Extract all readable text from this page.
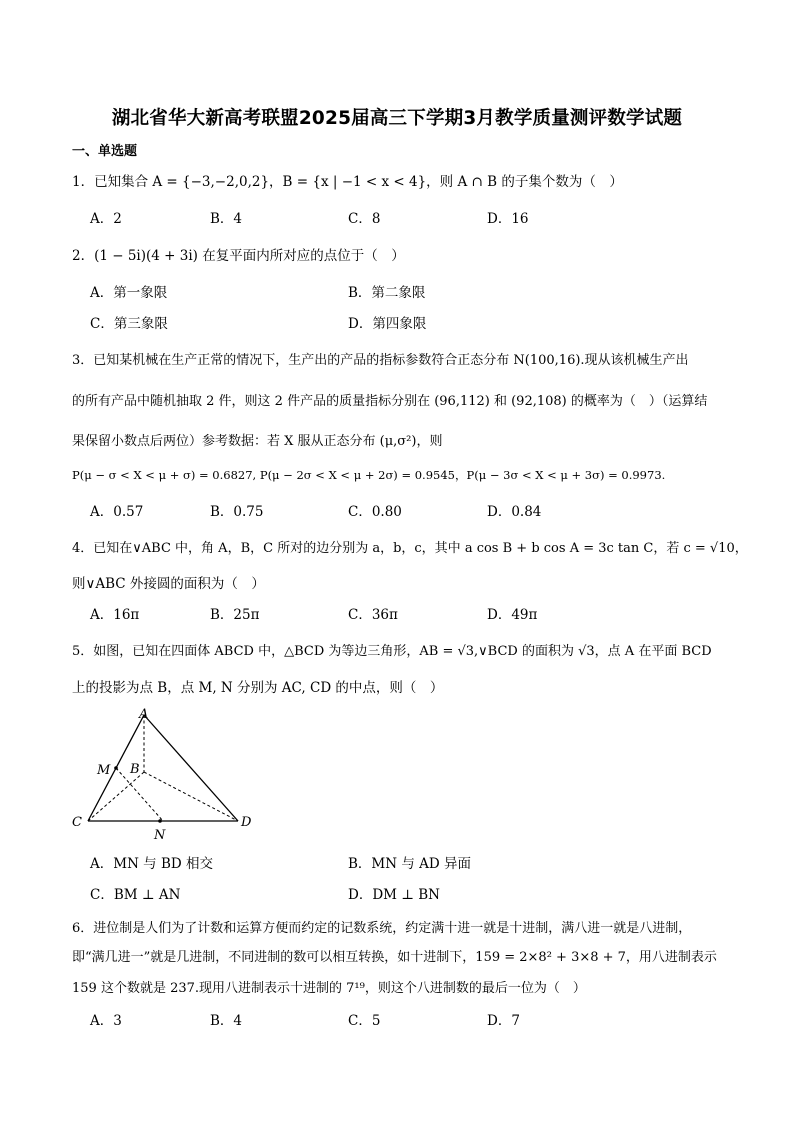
湖北省华大新高考联盟2025届高三下学期3月教学质量测评数学试题
一、单选题
1．已知集合 A = {−3,−2,0,2}，B = {x | −1 < x < 4}，则 A ∩ B 的子集个数为（　）
A．2	B．4	C．8	D．16
2．(1 − 5i)(4 + 3i) 在复平面内所对应的点位于（　）
A．第一象限	B．第二象限
C．第三象限	D．第四象限
3．已知某机械在生产正常的情况下，生产出的产品的指标参数符合正态分布 N(100,16).现从该机械生产出
的所有产品中随机抽取 2 件，则这 2 件产品的质量指标分别在 (96,112) 和 (92,108) 的概率为（　）（运算结
果保留小数点后两位）参考数据：若 X 服从正态分布 (μ,σ²)，则
P(μ − σ < X < μ + σ) = 0.6827, P(μ − 2σ < X < μ + 2σ) = 0.9545，P(μ − 3σ < X < μ + 3σ) = 0.9973.
A．0.57	B．0.75	C．0.80	D．0.84
4．已知在∨ABC 中，角 A，B，C 所对的边分别为 a，b，c，其中 a cos B + b cos A = 3c tan C，若 c = √10，
则∨ABC 外接圆的面积为（　）
A．16π	B．25π	C．36π	D．49π
5．如图，已知在四面体 ABCD 中，△BCD 为等边三角形，AB = √3,∨BCD 的面积为 √3，点 A 在平面 BCD
上的投影为点 B，点 M, N 分别为 AC, CD 的中点，则（　）
A
M B
C
N
D
A．MN 与 BD 相交	B．MN 与 AD 异面
C．BM ⊥ AN	D．DM ⊥ BN
6．进位制是人们为了计数和运算方便而约定的记数系统，约定满十进一就是十进制，满八进一就是八进制，
即“满几进一”就是几进制，不同进制的数可以相互转换，如十进制下，159 = 2×8² + 3×8 + 7，用八进制表示
159 这个数就是 237.现用八进制表示十进制的 7¹⁹，则这个八进制数的最后一位为（　）
A．3	B．4	C．5	D．7
